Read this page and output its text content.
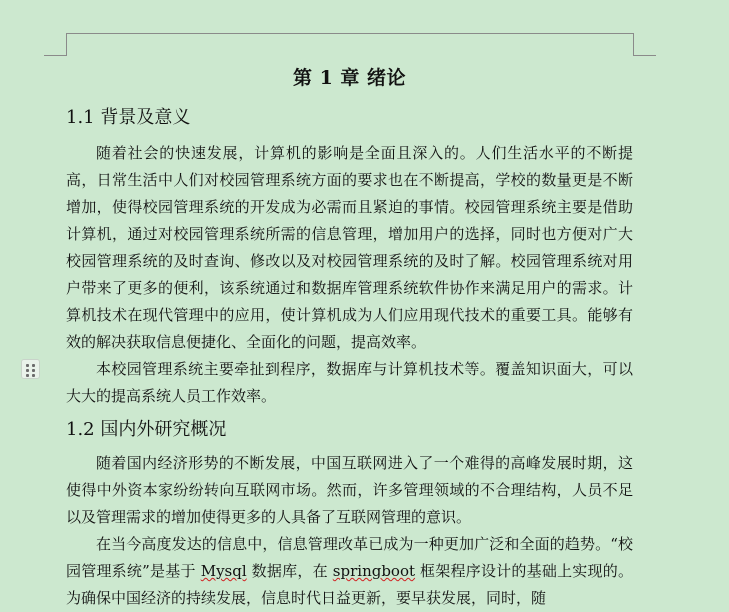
第 1 章 绪论
1.1 背景及意义

随着社会的快速发展，计算机的影响是全面且深入的。人们生活水平的不断提高，日常生活中人们对校园管理系统方面的要求也在不断提高，学校的数量更是不断增加，使得校园管理系统的开发成为必需而且紧迫的事情。校园管理系统主要是借助计算机，通过对校园管理系统所需的信息管理，增加用户的选择，同时也方便对广大校园管理系统的及时查询、修改以及对校园管理系统的及时了解。校园管理系统对用户带来了更多的便利，该系统通过和数据库管理系统软件协作来满足用户的需求。计算机技术在现代管理中的应用，使计算机成为人们应用现代技术的重要工具。能够有效的解决获取信息便捷化、全面化的问题，提高效率。

本校园管理系统主要牵扯到程序，数据库与计算机技术等。覆盖知识面大，可以大大的提高系统人员工作效率。

1.2 国内外研究概况

随着国内经济形势的不断发展，中国互联网进入了一个难得的高峰发展时期，这使得中外资本家纷纷转向互联网市场。然而，许多管理领域的不合理结构，人员不足以及管理需求的增加使得更多的人具备了互联网管理的意识。

在当今高度发达的信息中，信息管理改革已成为一种更加广泛和全面的趋势。“校园管理系统”是基于 Mysql 数据库，在 springboot 框架程序设计的基础上实现的。为确保中国经济的持续发展，信息时代日益更新，要早获发展，同时，随
